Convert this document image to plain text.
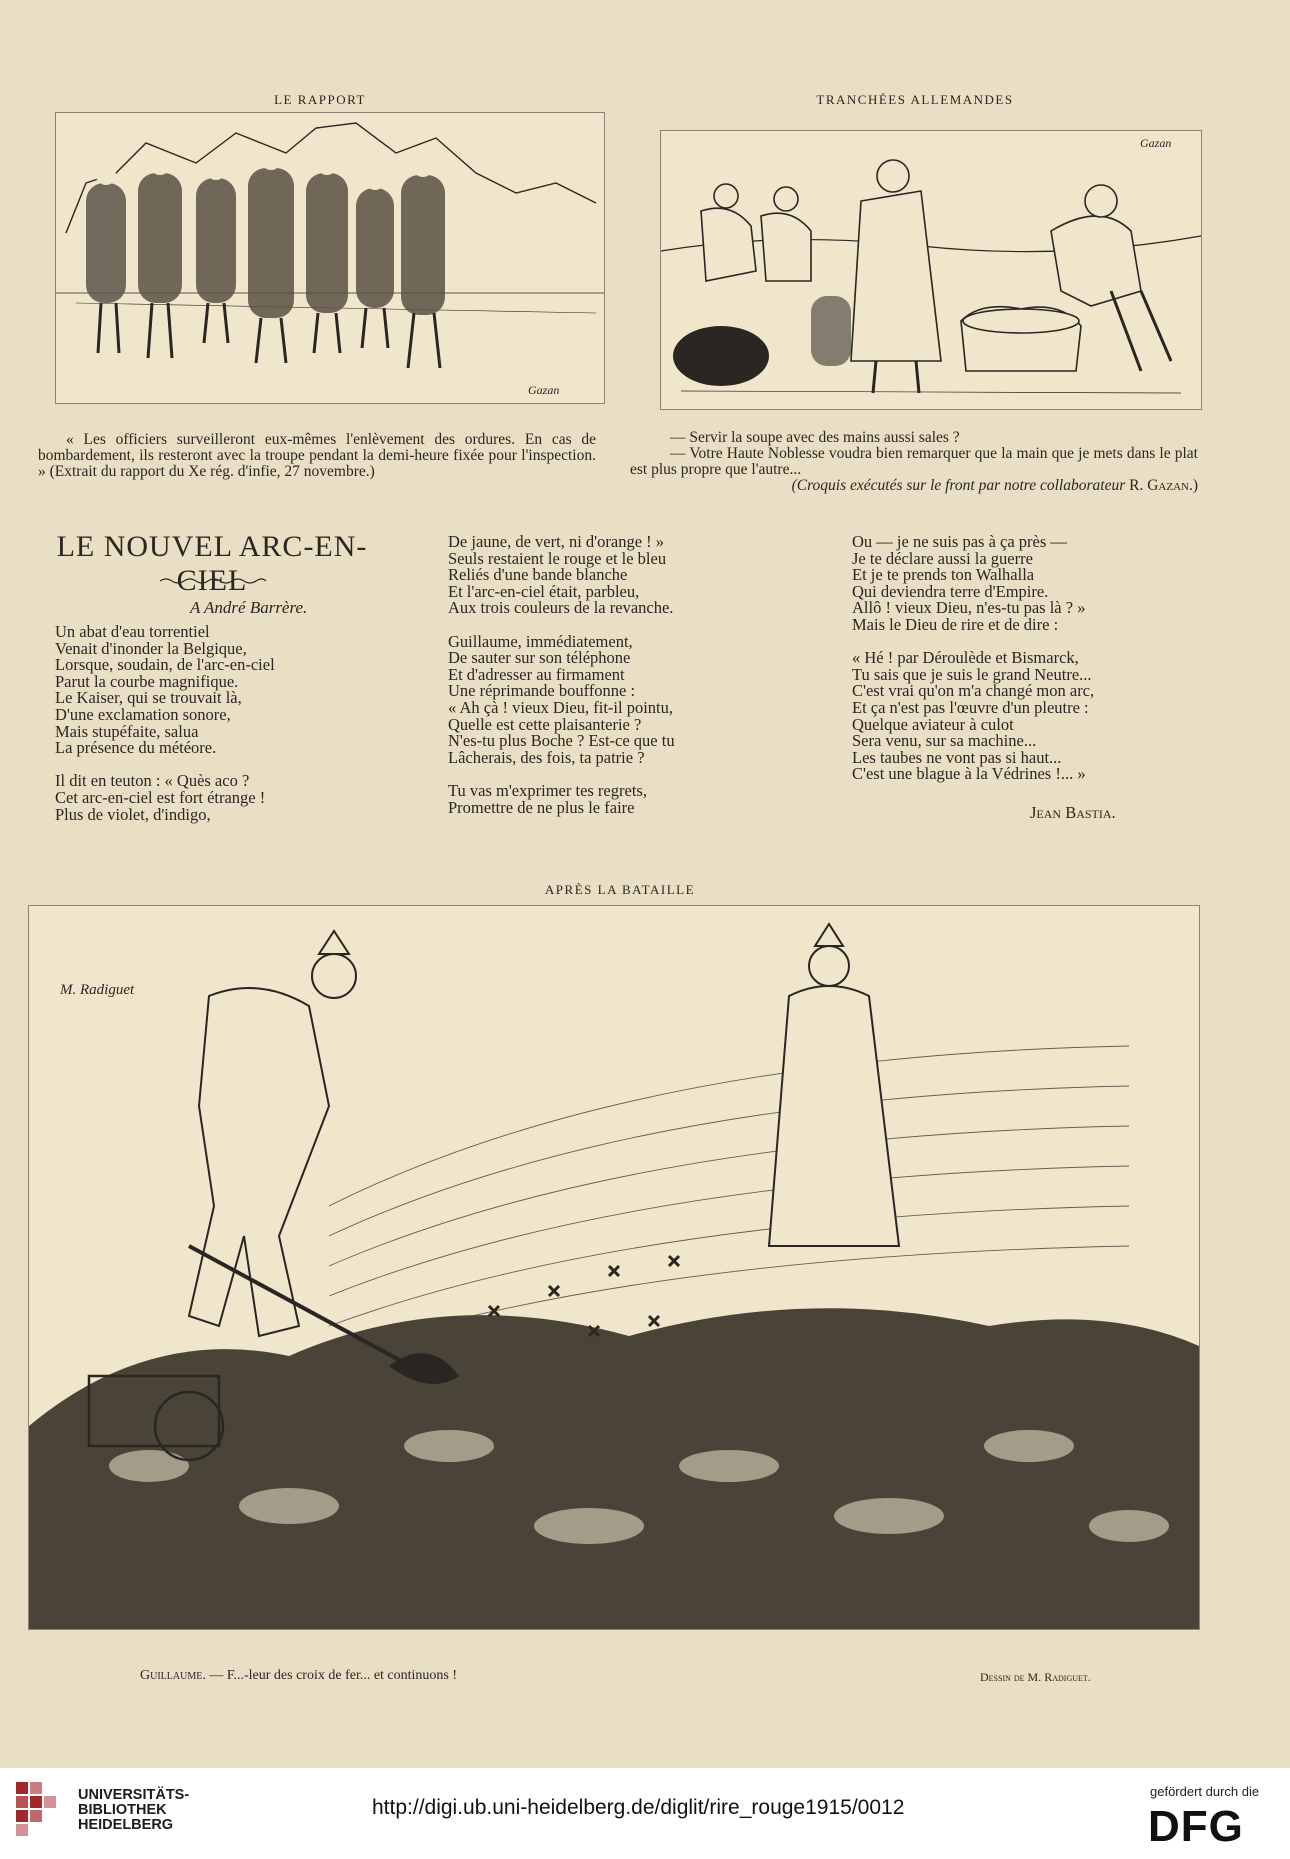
LE RAPPORT
Gazan
« Les officiers surveilleront eux-mêmes l'enlèvement des ordures. En cas de bombardement, ils resteront avec la troupe pendant la demi-heure fixée pour l'inspection. » (Extrait du rapport du Xe rég. d'infie, 27 novembre.)
TRANCHÉES ALLEMANDES
Gazan
— Servir la soupe avec des mains aussi sales ?
— Votre Haute Noblesse voudra bien remarquer que la main que je mets dans le plat est plus propre que l'autre...
(Croquis exécutés sur le front par notre collaborateur R. Gazan.)
LE NOUVEL ARC-EN-CIEL
A André Barrère.
Un abat d'eau torrentiel
Venait d'inonder la Belgique,
Lorsque, soudain, de l'arc-en-ciel
Parut la courbe magnifique.
Le Kaiser, qui se trouvait là,
D'une exclamation sonore,
Mais stupéfaite, salua
La présence du météore.

Il dit en teuton : « Quès aco ?
Cet arc-en-ciel est fort étrange !
Plus de violet, d'indigo,
De jaune, de vert, ni d'orange ! »
Seuls restaient le rouge et le bleu
Reliés d'une bande blanche
Et l'arc-en-ciel était, parbleu,
Aux trois couleurs de la revanche.

Guillaume, immédiatement,
De sauter sur son téléphone
Et d'adresser au firmament
Une réprimande bouffonne :
« Ah çà ! vieux Dieu, fit-il pointu,
Quelle est cette plaisanterie ?
N'es-tu plus Boche ? Est-ce que tu
Lâcherais, des fois, ta patrie ?

Tu vas m'exprimer tes regrets,
Promettre de ne plus le faire
Ou — je ne suis pas à ça près —
Je te déclare aussi la guerre
Et je te prends ton Walhalla
Qui deviendra terre d'Empire.
Allô ! vieux Dieu, n'es-tu pas là ? »
Mais le Dieu de rire et de dire :

« Hé ! par Déroulède et Bismarck,
Tu sais que je suis le grand Neutre...
C'est vrai qu'on m'a changé mon arc,
Et ça n'est pas l'œuvre d'un pleutre :
Quelque aviateur à culot
Sera venu, sur sa machine...
Les taubes ne vont pas si haut...
C'est une blague à la Védrines !... »
Jean Bastia.
APRÈS LA BATAILLE
M. Radiguet
Guillaume. — F...-leur des croix de fer... et continuons !	Dessin de M. Radiguet.
UNIVERSITÄTS-
BIBLIOTHEK
HEIDELBERG
http://digi.ub.uni-heidelberg.de/diglit/rire_rouge1915/0012
gefördert durch die
DFG
